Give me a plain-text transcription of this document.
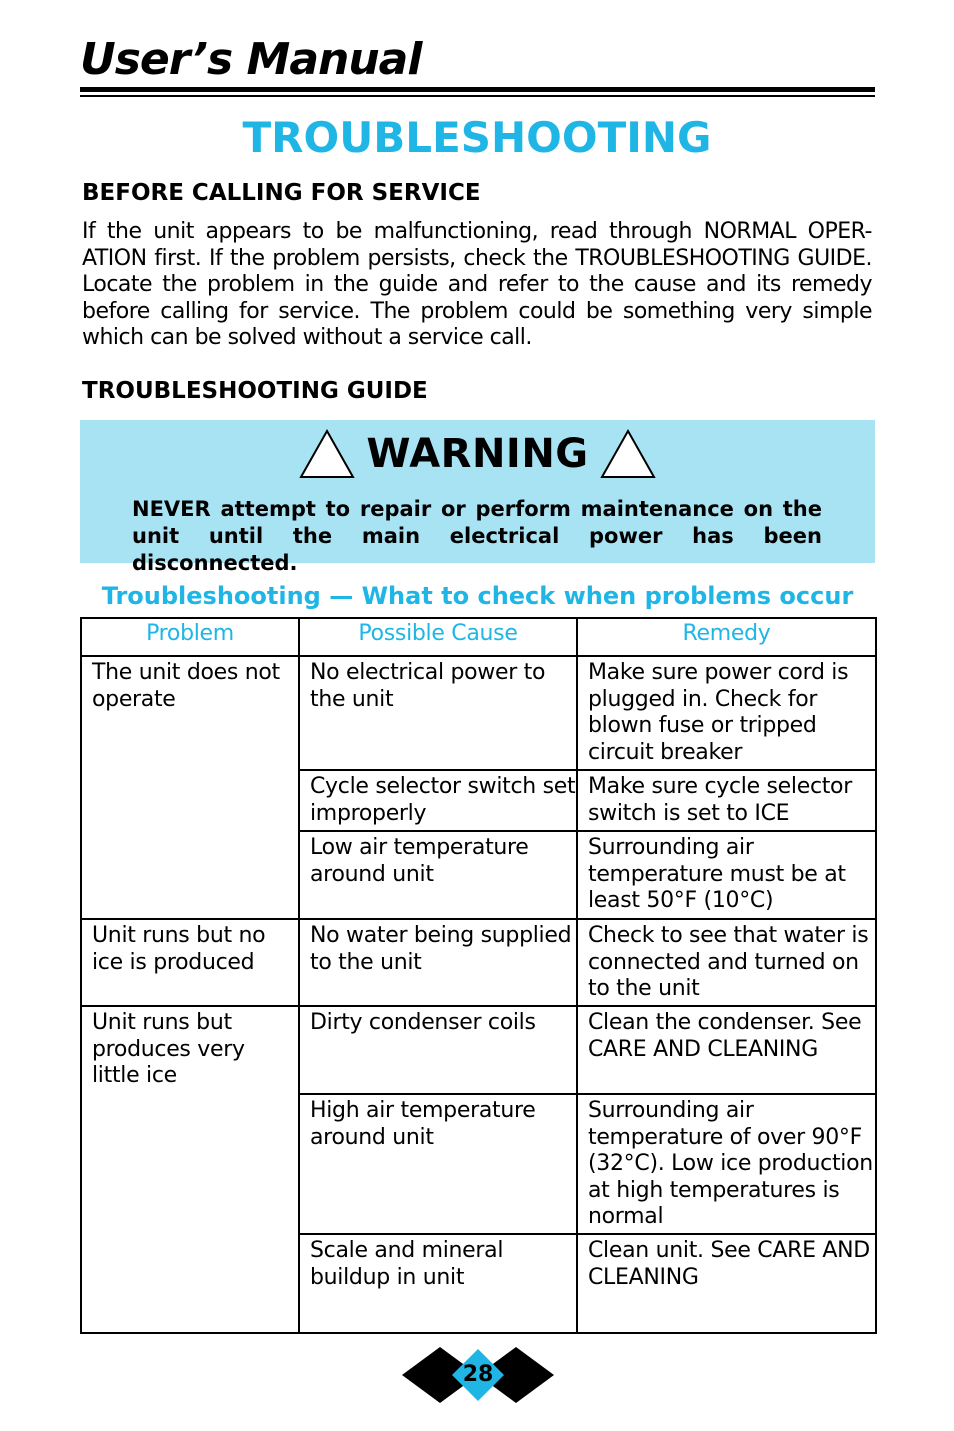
User’s Manual
TROUBLESHOOTING
BEFORE CALLING FOR SERVICE
If the unit appears to be malfunctioning, read through NORMAL OPER-ATION first. If the problem persists, check the TROUBLESHOOTING GUIDE. Locate the problem in the guide and refer to the cause and its remedy before calling for service. The problem could be something very simple which can be solved without a service call.
TROUBLESHOOTING GUIDE
WARNING
NEVER attempt to repair or perform maintenance on the unit until the main electrical power has been disconnected.
Troubleshooting — What to check when problems occur
Problem	Possible Cause	Remedy
The unit does not operate	No electrical power to the unit	Make sure power cord is plugged in. Check for blown fuse or tripped circuit breaker
	Cycle selector switch set improperly	Make sure cycle selector switch is set to ICE
	Low air temperature around unit	Surrounding air temperature must be at least 50°F (10°C)
Unit runs but no ice is produced	No water being supplied to the unit	Check to see that water is connected and turned on to the unit
Unit runs but produces very little ice	Dirty condenser coils	Clean the condenser. See CARE AND CLEANING
	High air temperature around unit	Surrounding air temperature of over 90°F (32°C). Low ice production at high temperatures is normal
	Scale and mineral buildup in unit	Clean unit. See CARE AND CLEANING
28
